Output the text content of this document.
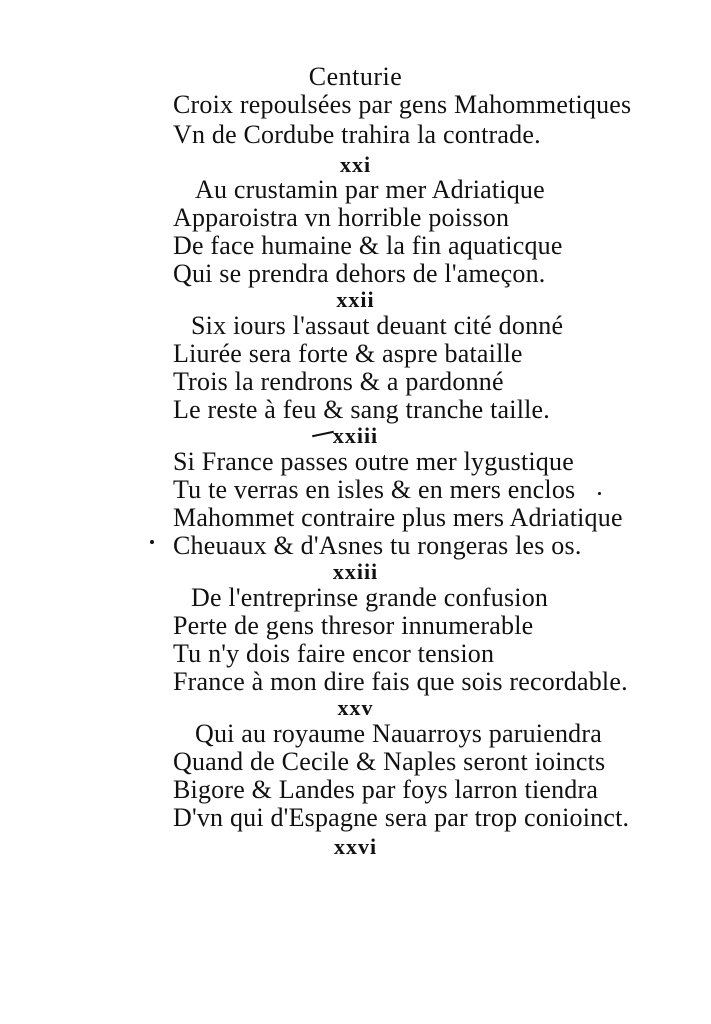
Centurie
Croix repoulsées par gens Mahommetiques
Vn de Cordube trahira la contrade.
xxi
Au crustamin par mer Adriatique
Apparoistra vn horrible poisson
De face humaine & la fin aquaticque
Qui se prendra dehors de l'ameçon.
xxii
Six iours l'assaut deuant cité donné
Liurée sera forte & aspre bataille
Trois la rendrons & a pardonné
Le reste à feu & sang tranche taille.
xxiii
Si France passes outre mer lygustique
Tu te verras en isles & en mers enclos
Mahommet contraire plus mers Adriatique
Cheuaux & d'Asnes tu rongeras les os.
xxiii
De l'entreprinse grande confusion
Perte de gens thresor innumerable
Tu n'y dois faire encor tension
France à mon dire fais que sois recordable.
xxv
Qui au royaume Nauarroys paruiendra
Quand de Cecile & Naples seront ioincts
Bigore & Landes par foys larron tiendra
D'vn qui d'Espagne sera par trop conioinct.
xxvi
